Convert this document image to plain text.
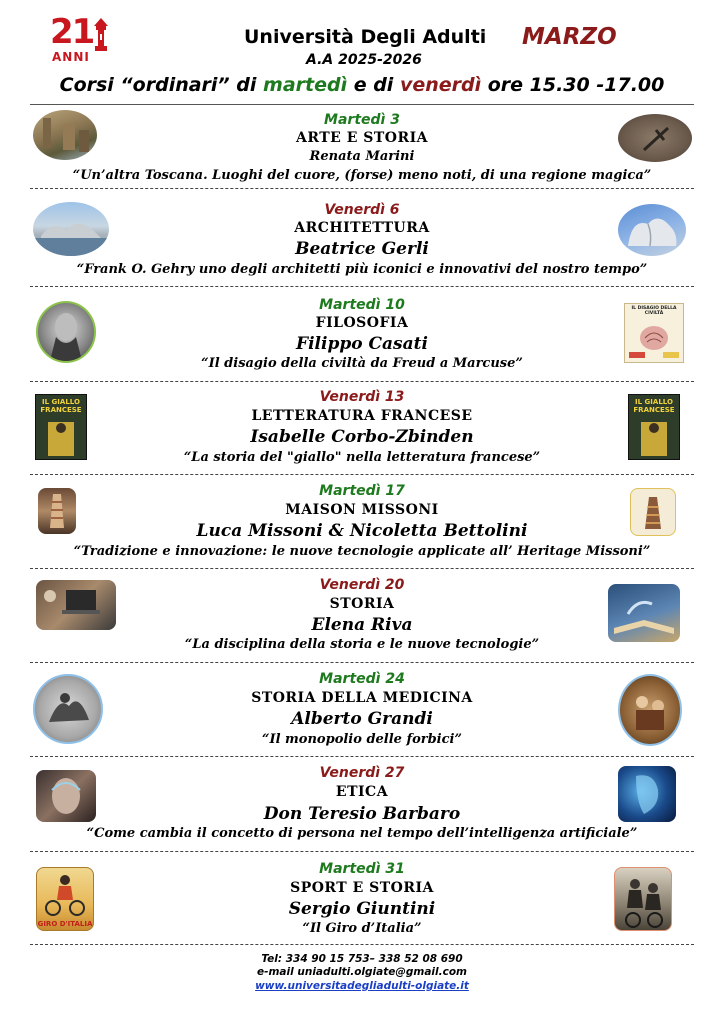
21
ANNI
Università Degli Adulti MARZO
A.A 2025-2026
Corsi “ordinari” di martedì e di venerdì ore 15.30 -17.00
Martedì 3
ARTE E STORIA
Renata Marini
“Un’altra Toscana. Luoghi del cuore, (forse) meno noti, di una regione magica”
Venerdì 6
ARCHITETTURA
Beatrice Gerli
“Frank O. Gehry uno degli architetti più iconici e innovativi del nostro tempo”
IL DISAGIO DELLA CIVILTÀ
Martedì 10
FILOSOFIA
Filippo Casati
“Il disagio della civiltà da Freud a Marcuse”
IL GIALLO FRANCESE
IL GIALLO FRANCESE
Venerdì 13
LETTERATURA FRANCESE
Isabelle Corbo-Zbinden
“La storia del "giallo" nella letteratura francese”
Martedì 17
MAISON MISSONI
Luca Missoni & Nicoletta Bettolini
“Tradizione e innovazione: le nuove tecnologie applicate all’ Heritage Missoni”
Venerdì 20
STORIA
Elena Riva
“La disciplina della storia e le nuove tecnologie”
Martedì 24
STORIA DELLA MEDICINA
Alberto Grandi
“Il monopolio delle forbici”
Venerdì 27
ETICA
Don Teresio Barbaro
“Come cambia il concetto di persona nel tempo dell’intelligenza artificiale”
GIRO D'ITALIA
Martedì 31
SPORT E STORIA
Sergio Giuntini
“Il Giro d’Italia”
Tel: 334 90 15 753– 338 52 08 690
e-mail uniadulti.olgiate@gmail.com
www.universitadegliadulti-olgiate.it
